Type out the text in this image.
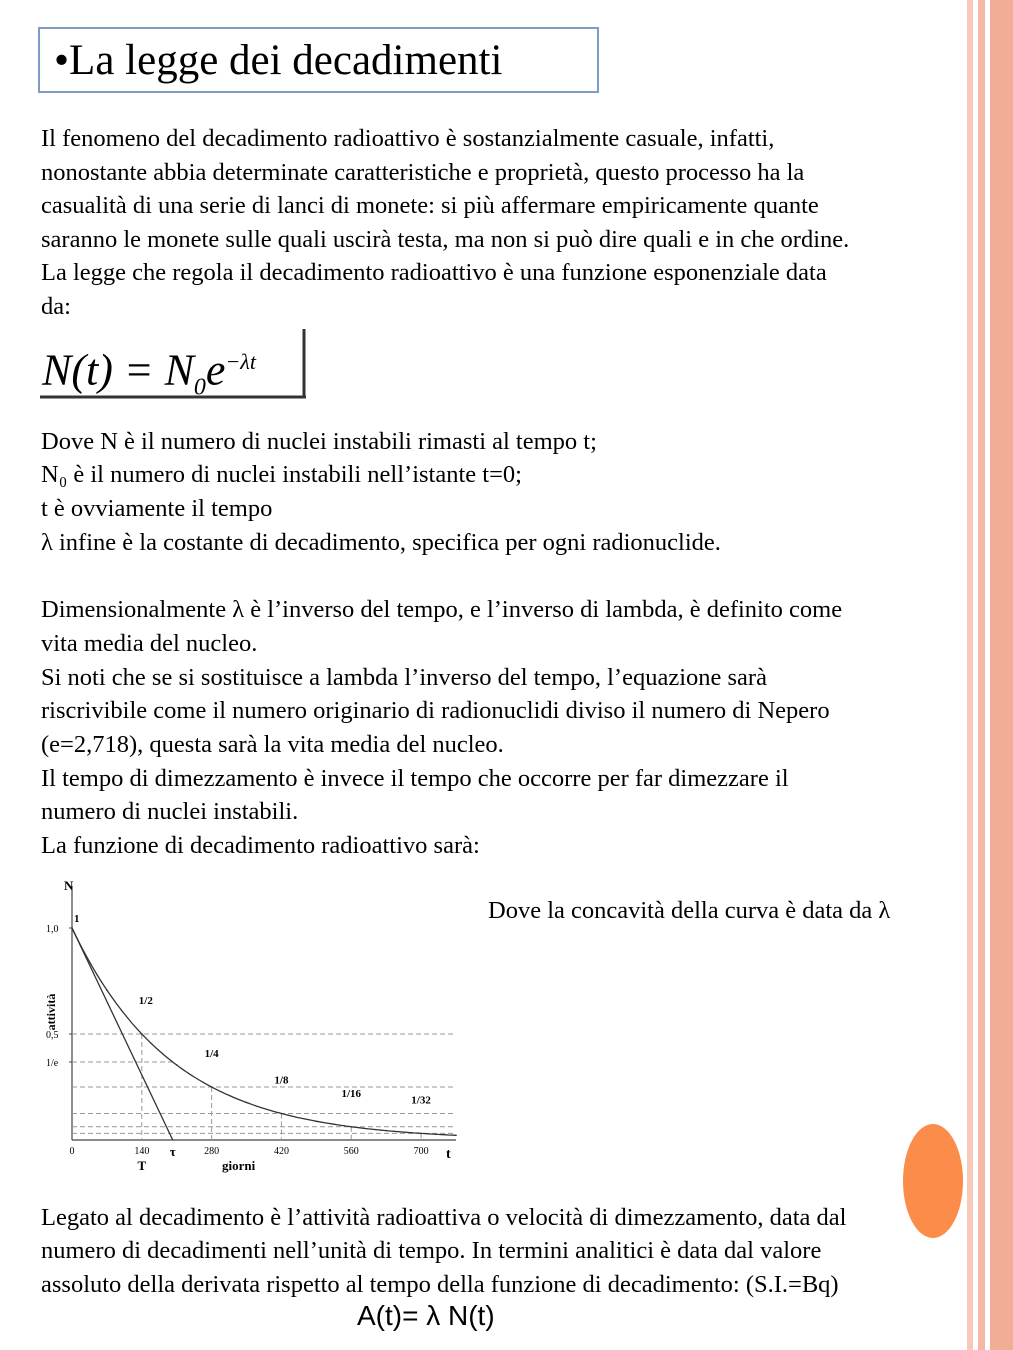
•La legge dei decadimenti

Il fenomeno del decadimento radioattivo è sostanzialmente casuale, infatti,

nonostante abbia determinate caratteristiche e proprietà, questo processo ha la

casualità di una serie di lanci di monete: si più affermare empiricamente quante

saranno le monete sulle quali uscirà testa, ma non si può dire quali e in che ordine.

La legge che regola il decadimento radioattivo è una funzione esponenziale data

da:

$N(t) = N_0e^{-\lambda t}$

Dove N è il numero di nuclei instabili rimasti al tempo t;

N₀ è il numero di nuclei instabili nell’istante t=0;

t è ovviamente il tempo

λ infine è la costante di decadimento, specifica per ogni radionuclide.

Dimensionalmente λ è l’inverso del tempo, e l’inverso di lambda, è definito come

vita media del nucleo.

Si noti che se si sostituisce a lambda l’inverso del tempo, l’equazione sarà

riscrivibile come il numero originario di radionuclidi diviso il numero di Nepero

(e=2,718), questa sarà la vita media del nucleo.

Il tempo di dimezzamento è invece il tempo che occorre per far dimezzare il

numero di nuclei instabili.

La funzione di decadimento radioattivo sarà:

N
t
attività
giorni
1,0
0,5
1/e
0	140	280	420	560	700
1
1/2
1/4
1/8
1/16
1/32
T
τ
Dove la concavità della curva è data da λ

Legato al decadimento è l’attività radioattiva o velocità di dimezzamento, data dal

numero di decadimenti nell’unità di tempo. In termini analitici è data dal valore

assoluto della derivata rispetto al tempo della funzione di decadimento: (S.I.=Bq)

A(t)= λ N(t)
